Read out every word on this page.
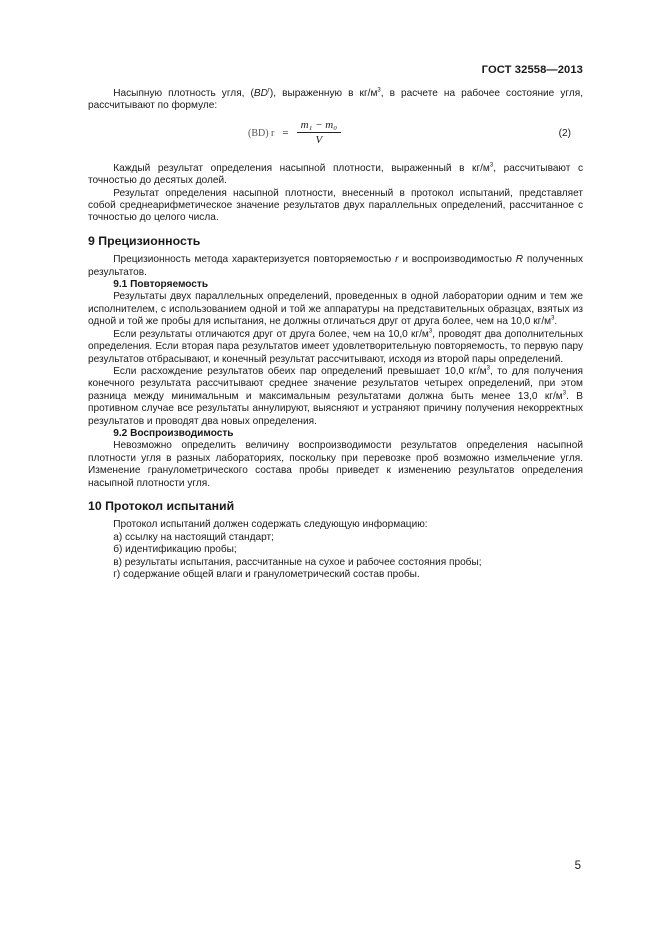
ГОСТ 32558—2013

   Насыпную плотность угля, $(BD^r)$, выраженную в $кг/м^3$, в расчете на рабочее состояние угля, рассчитывают по формуле:

(BD) $r = \frac{\text{m₁ − m₀}}{V}$	(2)

   Каждый результат определения насыпной плотности, выраженный в $кг/м^3$, рассчитывают с точностью до десятых долей.

   Результат определения насыпной плотности, внесенный в протокол испытаний, представляет собой среднеарифметическое значение результатов двух параллельных определений, рассчитанное с точностью до целого числа.

9 Прецизионность

   Прецизионность метода характеризуется повторяемостью r и воспроизводимостью R полученных результатов.

   9.1 Повторяемость

   Результаты двух параллельных определений, проведенных в одной лаборатории одним и тем же исполнителем, с использованием одной и той же аппаратуры на представительных образцах, взятых из одной и той же пробы для испытания, не должны отличаться друг от друга более, чем на 10,0 $кг/м^3$.

   Если результаты отличаются друг от друга более, чем на 10,0 $кг/м^3$, проводят два дополнительных определения. Если вторая пара результатов имеет удовлетворительную повторяемость, то первую пару результатов отбрасывают, и конечный результат рассчитывают, исходя из второй пары определений.

   Если расхождение результатов обеих пар определений превышает 10,0 $кг/м^3$, то для получения конечного результата рассчитывают среднее значение результатов четырех определений, при этом разница между минимальным и максимальным результатами должна быть менее 13,0 $кг/м^3$. В противном случае все результаты аннулируют, выясняют и устраняют причину получения некорректных результатов и проводят два новых определения.

   9.2 Воспроизводимость

   Невозможно определить величину воспроизводимости результатов определения насыпной плотности угля в разных лабораториях, поскольку при перевозке проб возможно измельчение угля. Изменение гранулометрического состава пробы приведет к изменению результатов определения насыпной плотности угля.

10 Протокол испытаний

   Протокол испытаний должен содержать следующую информацию:

   а) ссылку на настоящий стандарт;

   б) идентификацию пробы;

   в) результаты испытания, рассчитанные на сухое и рабочее состояния пробы;

   г) содержание общей влаги и гранулометрический состав пробы.

5
